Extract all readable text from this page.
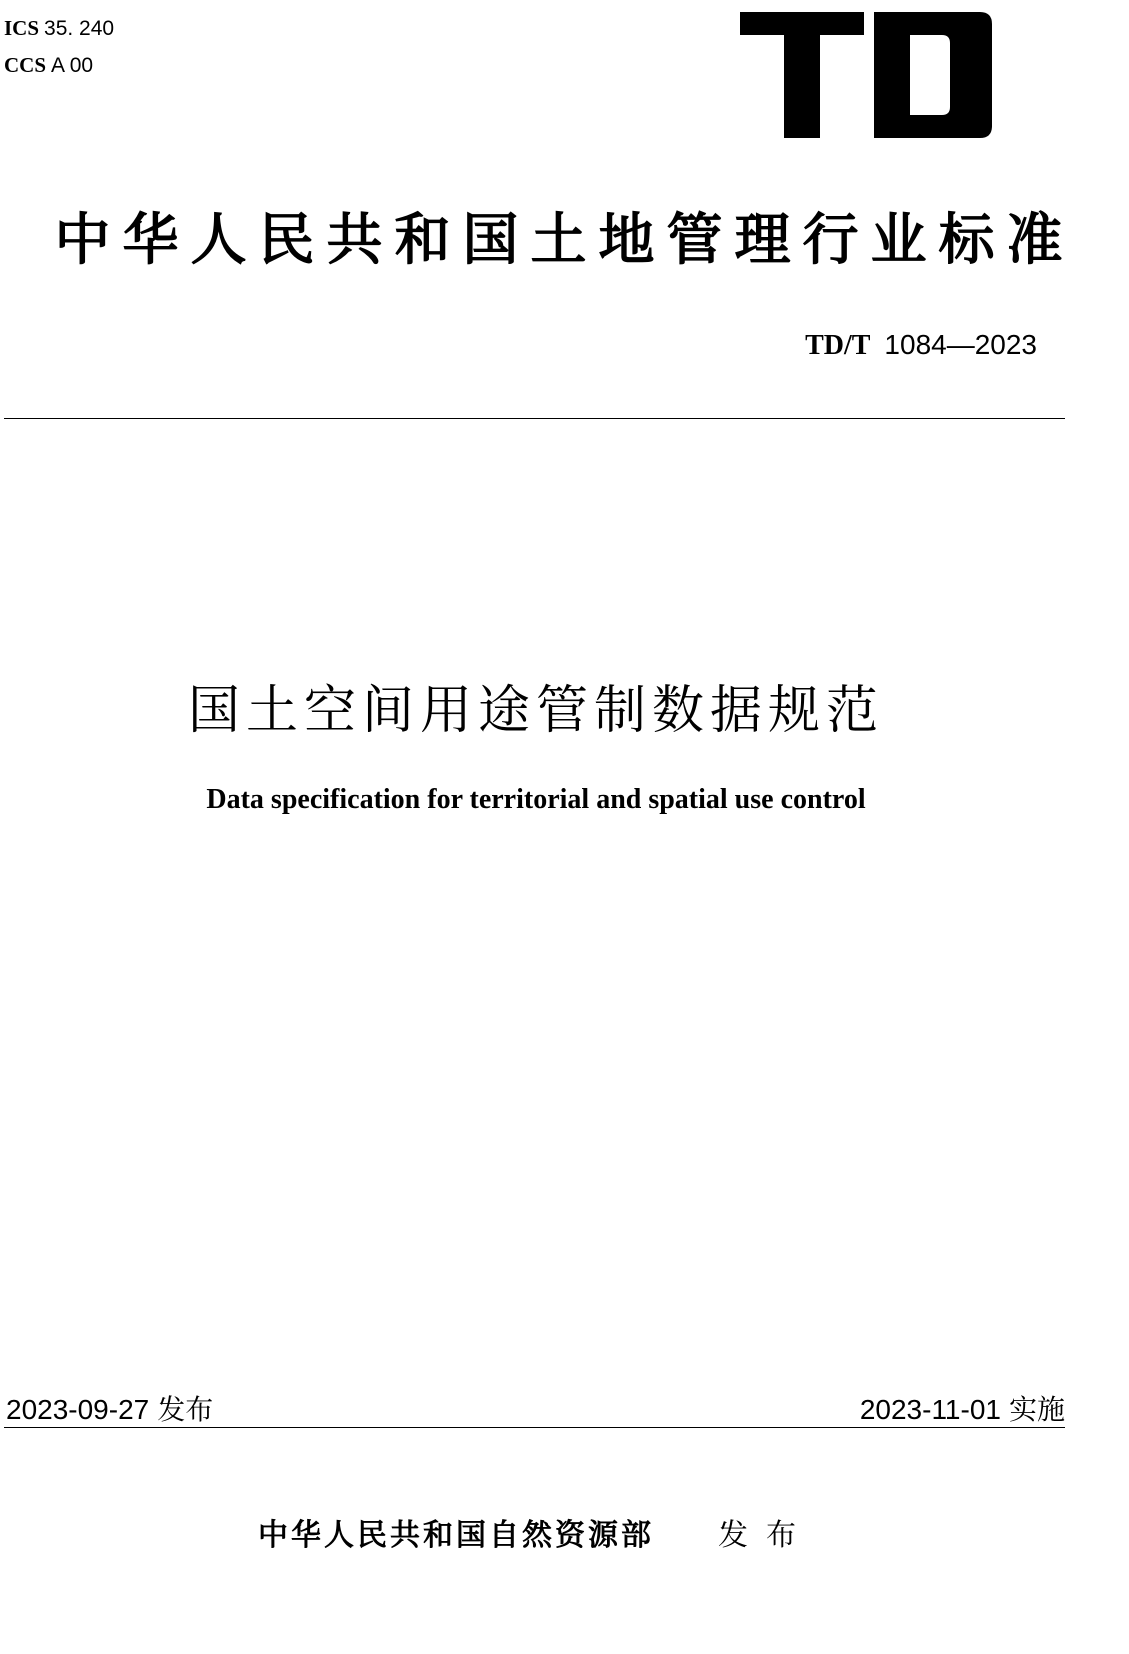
ICS 35. 240
CCS A 00
中华人民共和国土地管理行业标准
TD/T 1084—2023
国土空间用途管制数据规范
Data specification for territorial and spatial use control
2023-09-27 发布	2023-11-01 实施
中华人民共和国自然资源部 发布
